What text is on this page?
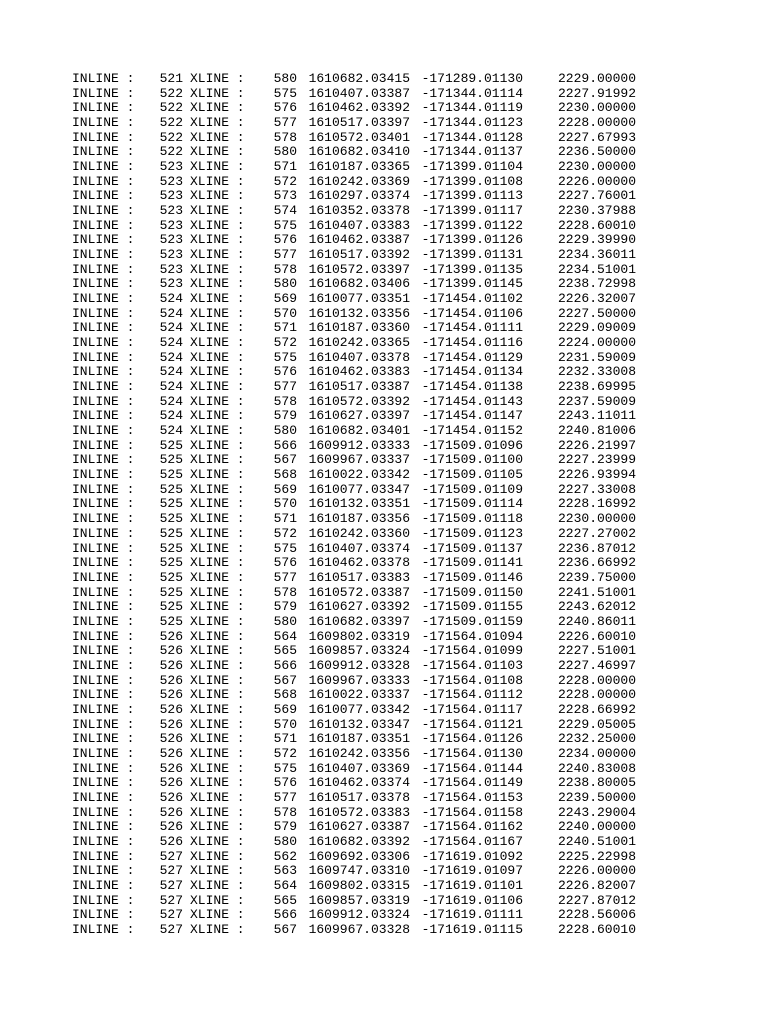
INLINE : 521 XLINE : 580 1610682.03415 -171289.01130	2229.00000
INLINE : 522 XLINE : 575 1610407.03387 -171344.01114	2227.91992
INLINE : 522 XLINE : 576 1610462.03392 -171344.01119	2230.00000
INLINE : 522 XLINE : 577 1610517.03397 -171344.01123	2228.00000
INLINE : 522 XLINE : 578 1610572.03401 -171344.01128	2227.67993
INLINE : 522 XLINE : 580 1610682.03410 -171344.01137	2236.50000
INLINE : 523 XLINE : 571 1610187.03365 -171399.01104	2230.00000
INLINE : 523 XLINE : 572 1610242.03369 -171399.01108	2226.00000
INLINE : 523 XLINE : 573 1610297.03374 -171399.01113	2227.76001
INLINE : 523 XLINE : 574 1610352.03378 -171399.01117	2230.37988
INLINE : 523 XLINE : 575 1610407.03383 -171399.01122	2228.60010
INLINE : 523 XLINE : 576 1610462.03387 -171399.01126	2229.39990
INLINE : 523 XLINE : 577 1610517.03392 -171399.01131	2234.36011
INLINE : 523 XLINE : 578 1610572.03397 -171399.01135	2234.51001
INLINE : 523 XLINE : 580 1610682.03406 -171399.01145	2238.72998
INLINE : 524 XLINE : 569 1610077.03351 -171454.01102	2226.32007
INLINE : 524 XLINE : 570 1610132.03356 -171454.01106	2227.50000
INLINE : 524 XLINE : 571 1610187.03360 -171454.01111	2229.09009
INLINE : 524 XLINE : 572 1610242.03365 -171454.01116	2224.00000
INLINE : 524 XLINE : 575 1610407.03378 -171454.01129	2231.59009
INLINE : 524 XLINE : 576 1610462.03383 -171454.01134	2232.33008
INLINE : 524 XLINE : 577 1610517.03387 -171454.01138	2238.69995
INLINE : 524 XLINE : 578 1610572.03392 -171454.01143	2237.59009
INLINE : 524 XLINE : 579 1610627.03397 -171454.01147	2243.11011
INLINE : 524 XLINE : 580 1610682.03401 -171454.01152	2240.81006
INLINE : 525 XLINE : 566 1609912.03333 -171509.01096	2226.21997
INLINE : 525 XLINE : 567 1609967.03337 -171509.01100	2227.23999
INLINE : 525 XLINE : 568 1610022.03342 -171509.01105	2226.93994
INLINE : 525 XLINE : 569 1610077.03347 -171509.01109	2227.33008
INLINE : 525 XLINE : 570 1610132.03351 -171509.01114	2228.16992
INLINE : 525 XLINE : 571 1610187.03356 -171509.01118	2230.00000
INLINE : 525 XLINE : 572 1610242.03360 -171509.01123	2227.27002
INLINE : 525 XLINE : 575 1610407.03374 -171509.01137	2236.87012
INLINE : 525 XLINE : 576 1610462.03378 -171509.01141	2236.66992
INLINE : 525 XLINE : 577 1610517.03383 -171509.01146	2239.75000
INLINE : 525 XLINE : 578 1610572.03387 -171509.01150	2241.51001
INLINE : 525 XLINE : 579 1610627.03392 -171509.01155	2243.62012
INLINE : 525 XLINE : 580 1610682.03397 -171509.01159	2240.86011
INLINE : 526 XLINE : 564 1609802.03319 -171564.01094	2226.60010
INLINE : 526 XLINE : 565 1609857.03324 -171564.01099	2227.51001
INLINE : 526 XLINE : 566 1609912.03328 -171564.01103	2227.46997
INLINE : 526 XLINE : 567 1609967.03333 -171564.01108	2228.00000
INLINE : 526 XLINE : 568 1610022.03337 -171564.01112	2228.00000
INLINE : 526 XLINE : 569 1610077.03342 -171564.01117	2228.66992
INLINE : 526 XLINE : 570 1610132.03347 -171564.01121	2229.05005
INLINE : 526 XLINE : 571 1610187.03351 -171564.01126	2232.25000
INLINE : 526 XLINE : 572 1610242.03356 -171564.01130	2234.00000
INLINE : 526 XLINE : 575 1610407.03369 -171564.01144	2240.83008
INLINE : 526 XLINE : 576 1610462.03374 -171564.01149	2238.80005
INLINE : 526 XLINE : 577 1610517.03378 -171564.01153	2239.50000
INLINE : 526 XLINE : 578 1610572.03383 -171564.01158	2243.29004
INLINE : 526 XLINE : 579 1610627.03387 -171564.01162	2240.00000
INLINE : 526 XLINE : 580 1610682.03392 -171564.01167	2240.51001
INLINE : 527 XLINE : 562 1609692.03306 -171619.01092	2225.22998
INLINE : 527 XLINE : 563 1609747.03310 -171619.01097	2226.00000
INLINE : 527 XLINE : 564 1609802.03315 -171619.01101	2226.82007
INLINE : 527 XLINE : 565 1609857.03319 -171619.01106	2227.87012
INLINE : 527 XLINE : 566 1609912.03324 -171619.01111	2228.56006
INLINE : 527 XLINE : 567 1609967.03328 -171619.01115	2228.60010
